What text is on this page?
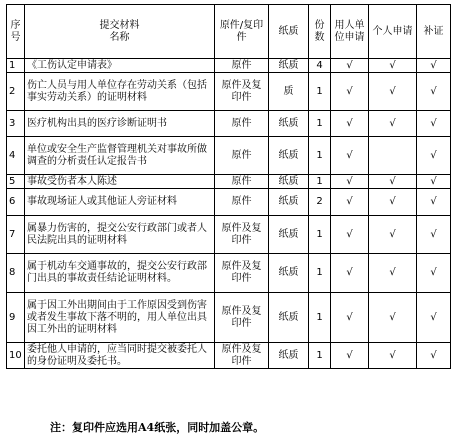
序号	提交材料名称	原件/复印件	纸质	份数	用人单位申请	个人申请	补证
1	《工伤认定申请表》	原件	纸质	4	√	√	√
2	伤亡人员与用人单位存在劳动关系（包括事实劳动关系）的证明材料	原件及复印件	质	1	√	√	√
3	医疗机构出具的医疗诊断证明书	原件	纸质	1	√	√	√
4	单位或安全生产监督管理机关对事故所做调查的分析责任认定报告书	原件	纸质	1	√		√
5	事故受伤者本人陈述	原件	纸质	1	√	√	√
6	事故现场证人或其他证人旁证材料	原件	纸质	2	√	√	√
7	属暴力伤害的，提交公安行政部门或者人民法院出具的证明材料	原件及复印件	纸质	1	√	√	√
8	属于机动车交通事故的，提交公安行政部门出具的事故责任结论证明材料。	原件及复印件	纸质	1	√	√	√
9	属于因工外出期间由于工作原因受到伤害或者发生事故下落不明的，用人单位出具因工外出的证明材料	原件及复印件	纸质	1	√	√	√
10	委托他人申请的，应当同时提交被委托人的身份证明及委托书。	原件及复印件	纸质	1	√	√	√
注：复印件应选用A4纸张，同时加盖公章。
